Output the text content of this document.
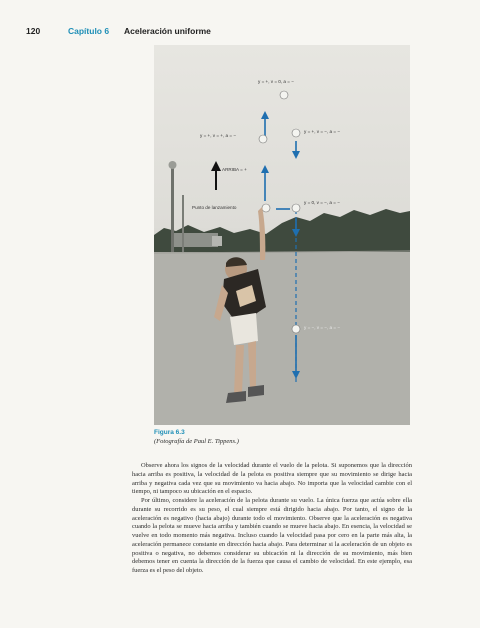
120	Capítulo 6 Aceleración uniforme
y = +, v = 0, a = −
y = +, v = +, a = −
y = +, v = −, a = −
ARRIBA = +
Punto de lanzamiento
y = 0, v = −, a = −
y = −, v = −, a = −
Figura 6.3
(Fotografía de Paul E. Tippens.)

Observe ahora los signos de la velocidad durante el vuelo de la pelota. Si suponemos que la dirección hacia arriba es positiva, la velocidad de la pelota es positiva siempre que su movimiento se dirige hacia arriba y negativa cada vez que su movimiento va hacia abajo. No importa que la velocidad cambie con el tiempo, ni tampoco su ubicación en el espacio.

Por último, considere la aceleración de la pelota durante su vuelo. La única fuerza que actúa sobre ella durante su recorrido es su peso, el cual siempre está dirigido hacia abajo. Por tanto, el signo de la aceleración es negativo (hacia abajo) durante todo el movimiento. Observe que la aceleración es negativa cuando la pelota se mueve hacia arriba y también cuando se mueve hacia abajo. En esencia, la velocidad se vuelve en todo momento más negativa. Incluso cuando la velocidad pasa por cero en la parte más alta, la aceleración permanece constante en dirección hacia abajo. Para determinar si la aceleración de un objeto es positiva o negativa, no debemos considerar su ubicación ni la dirección de su movimiento, más bien debemos tener en cuenta la dirección de la fuerza que causa el cambio de velocidad. En este ejemplo, esa fuerza es el peso del objeto.
